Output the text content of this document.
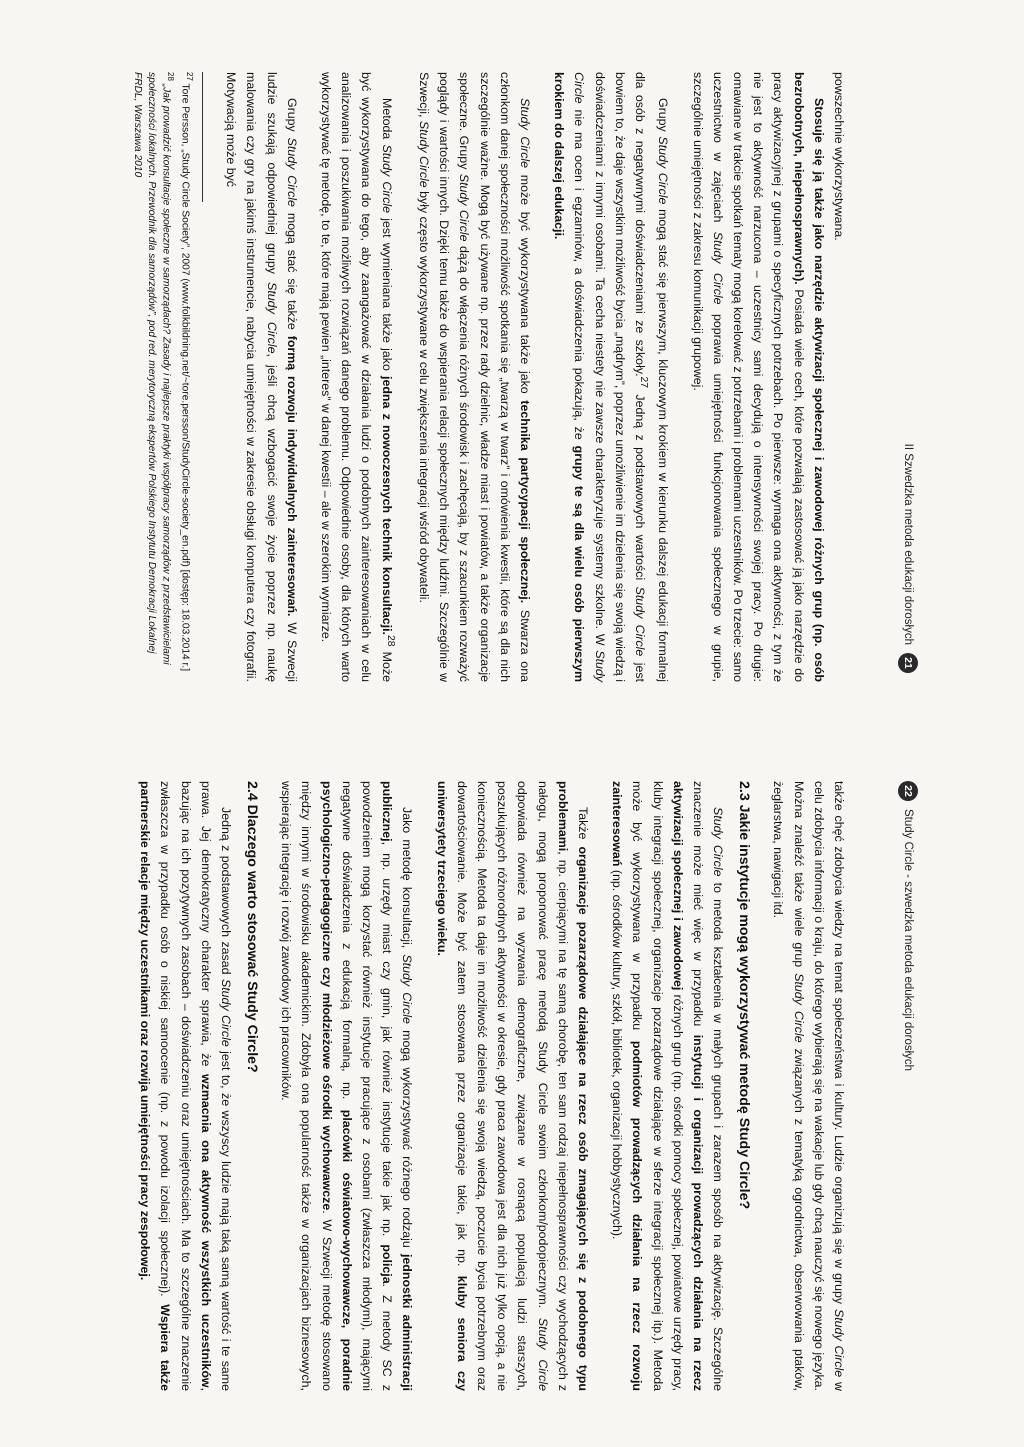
II Szwedzka metoda edukacji dorosłych
21

powszechnie wykorzystywana.

Stosuje się ją także jako narzędzie aktywizacji społecznej i zawodowej różnych grup (np. osób bezrobotnych, niepełnosprawnych). Posiada wiele cech, które pozwalają zastosować ją jako narzędzie do pracy aktywizacyjnej z grupami o specyficznych potrzebach. Po pierwsze: wymaga ona aktywności, z tym że nie jest to aktywność narzucona – uczestnicy sami decydują o intensywności swojej pracy. Po drugie: omawiane w trakcie spotkań tematy mogą korelować z potrzebami i problemami uczestników. Po trzecie: samo uczestnictwo w zajęciach Study Circle poprawia umiejętności funkcjonowania społecznego w grupie, szczególnie umiejętności z zakresu komunikacji grupowej.

Grupy Study Circle mogą stać się pierwszym, kluczowym krokiem w kierunku dalszej edukacji formalnej dla osób z negatywnymi doświadczeniami ze szkoły.$^{27}$ Jedną z podstawowych wartości Study Circle jest bowiem to, że daje wszystkim możliwość bycia „mądrym”, poprzez umożliwienie im dzielenia się swoją wiedzą i doświadczeniami z innymi osobami. Ta cecha niestety nie zawsze charakteryzuje systemy szkolne. W Study Circle nie ma ocen i egzaminów, a doświadczenia pokazują, że grupy te są dla wielu osób pierwszym krokiem do dalszej edukacji.

Study Circle może być wykorzystywana także jako technika partycypacji społecznej. Stwarza ona członkom danej społeczności możliwość spotkania się „twarzą w twarz” i omówienia kwestii, które są dla nich szczególnie ważne. Mogą być używane np. przez rady dzielnic, władze miast i powiatów, a także organizacje społeczne. Grupy Study Circle dążą do włączenia różnych środowisk i zachęcają, by z szacunkiem rozważyć poglądy i wartości innych. Dzięki temu także do wspierania relacji społecznych między ludźmi. Szczególnie w Szwecji, Study Circle były często wykorzystywane w celu zwiększenia integracji wśród obywateli.

Metoda Study Circle jest wymieniana także jako jedna z nowoczesnych technik konsultacji.$^{28}$ Może być wykorzystywana do tego, aby zaangażować w działania ludzi o podobnych zainteresowaniach w celu analizowania i poszukiwania możliwych rozwiązań danego problemu. Odpowiednie osoby, dla których warto wykorzystywać tę metodę, to te, które mają pewien „interes” w danej kwestii – ale w szerokim wymiarze.

Grupy Study Circle mogą stać się także formą rozwoju indywidualnych zainteresowań. W Szwecji ludzie szukają odpowiedniej grupy Study Circle, jeśli chcą wzbogacić swoje życie poprzez np. naukę malowania czy gry na jakimś instrumencie, nabycia umiejętności w zakresie obsługi komputera czy fotografii. Motywacją może być

$^{27}$ Tore Persson, „Study Circle Society”, 2007 (www.folkbildning.net/~tore.persson/StudyCircle-society_en.pdf) [dostęp: 18.03.2014 r.]

$^{28}$ „Jak prowadzić konsultacje społeczne w samorządach? Zasady i najlepsze praktyki współpracy samorządów z przedstawicielami społeczności lokalnych. Przewodnik dla samorządów”, pod red. merytoryczną ekspertów Polskiego Instytutu Demokracji Lokalnej FRDL, Warszawa 2010

22
Study Circle - szwedzka metoda edukacji dorosłych

także chęć zdobycia wiedzy na temat społeczeństwa i kultury. Ludzie organizują się w grupy Study Circle w celu zdobycia informacji o kraju, do którego wybierają się na wakacje lub gdy chcą nauczyć się nowego języka. Można znaleźć także wiele grup Study Circle związanych z tematyką ogrodnictwa, obserwowania ptaków, żeglarstwa, nawigacji itd.

2.3 Jakie instytucje mogą wykorzystywać metodę Study Circle?

Study Circle to metoda kształcenia w małych grupach i zarazem sposób na aktywizację. Szczególne znaczenie może mieć więc w przypadku instytucji i organizacji prowadzących działania na rzecz aktywizacji społecznej i zawodowej różnych grup (np. ośrodki pomocy społecznej, powiatowe urzędy pracy, kluby integracji społecznej, organizacje pozarządowe działające w sferze integracji społecznej itp.). Metoda może być wykorzystywana w przypadku podmiotów prowadzących działania na rzecz rozwoju zainteresowań (np. ośrodków kultury, szkół, bibliotek, organizacji hobbystycznych).

Także organizacje pozarządowe działające na rzecz osób zmagających się z podobnego typu problemami, np. cierpiącymi na tę samą chorobę, ten sam rodzaj niepełnosprawności czy wychodzących z nałogu, mogą proponować pracę metodą Study Circle swoim członkom/podopiecznym. Study Circle odpowiada również na wyzwania demograficzne, związane w rosnącą populacją ludzi starszych, poszukujących różnorodnych aktywności w okresie, gdy praca zawodowa jest dla nich już tylko opcją, a nie koniecznością. Metoda ta daje im możliwość dzielenia się swoją wiedzą, poczucie bycia potrzebnym oraz dowartościowanie. Może być zatem stosowana przez organizacje takie, jak np. kluby seniora czy uniwersytety trzeciego wieku.

Jako metodę konsultacji, Study Circle mogą wykorzystywać różnego rodzaju jednostki administracji publicznej, np. urzędy miast czy gmin, jak również instytucje takie jak np. policja. Z metody SC z powodzeniem mogą korzystać również instytucje pracujące z osobami (zwłaszcza młodymi), mającymi negatywne doświadczenia z edukacją formalną, np. placówki oświatowo-wychowawcze, poradnie psychologiczno-pedagogiczne czy młodzieżowe ośrodki wychowawcze. W Szwecji metodę stosowano między innymi w środowisku akademickim. Zdobyła ona popularność także w organizacjach biznesowych, wspierając integrację i rozwój zawodowy ich pracowników.

2.4 Dlaczego warto stosować Study Circle?

Jedną z podstawowych zasad Study Circle jest to, że wszyscy ludzie mają taką samą wartość i te same prawa. Jej demokratyczny charakter sprawia, że wzmacnia ona aktywność wszystkich uczestników, bazując na ich pozytywnych zasobach – doświadczeniu oraz umiejętnościach. Ma to szczególne znaczenie zwłaszcza w przypadku osób o niskiej samoocenie (np. z powodu izolacji społecznej). Wspiera także partnerskie relacje między uczestnikami oraz rozwija umiejętności pracy zespołowej.
